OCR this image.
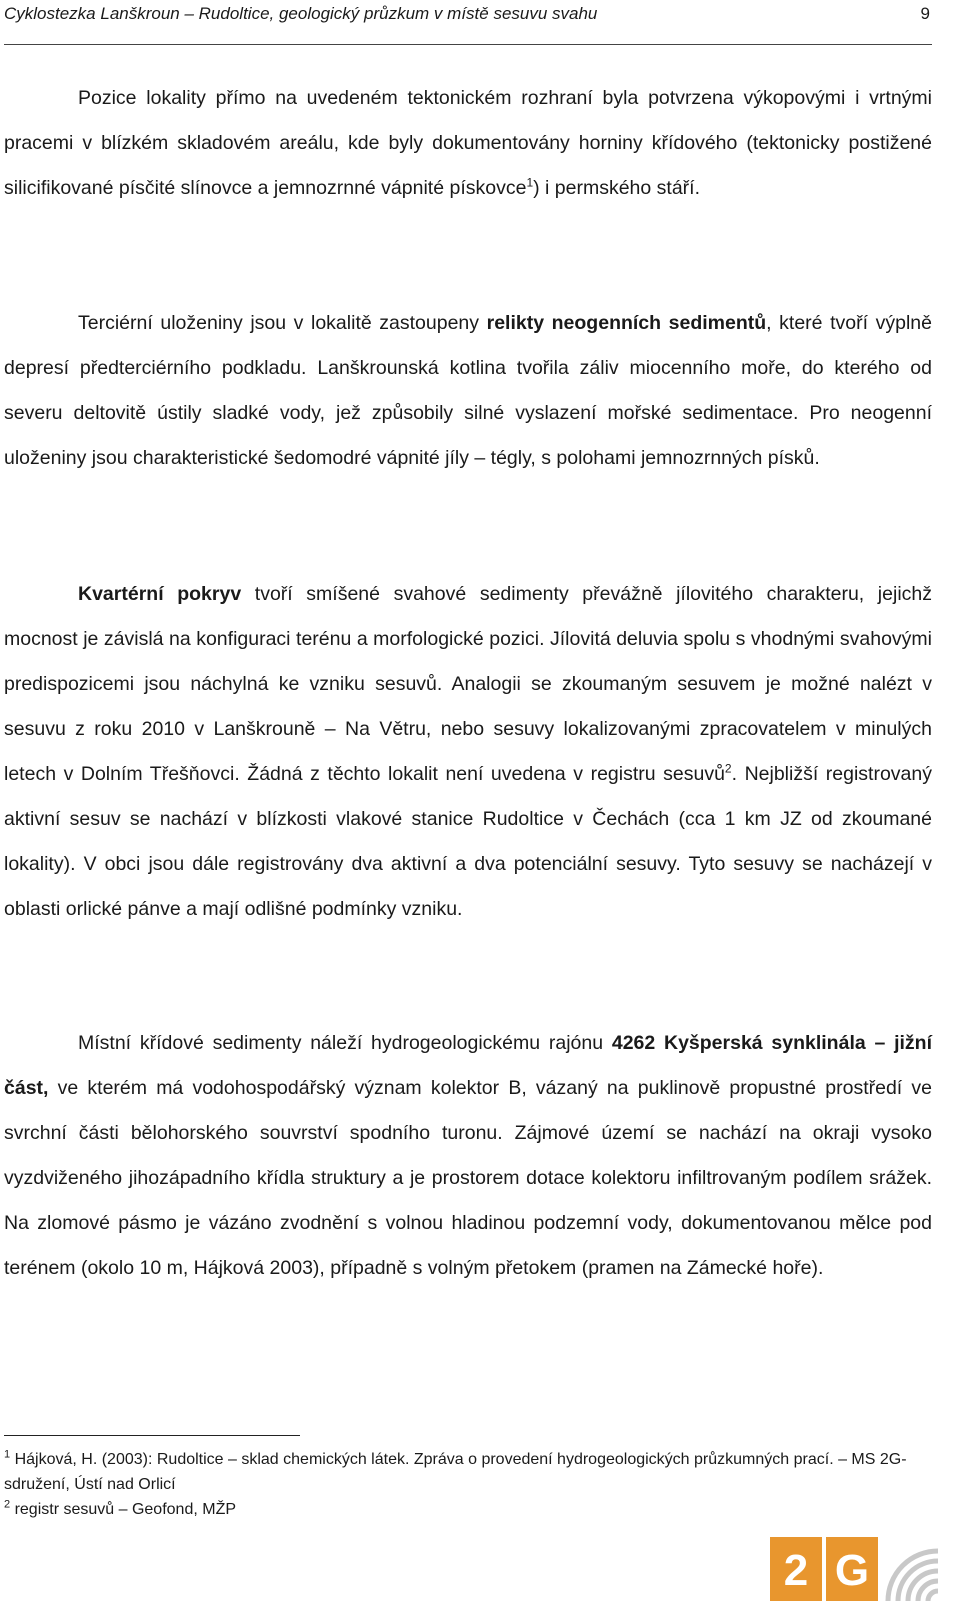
Cyklostezka Lanškroun – Rudoltice, geologický průzkum v místě sesuvu svahu	9

Pozice lokality přímo na uvedeném tektonickém rozhraní byla potvrzena výkopovými i vrtnými pracemi v blízkém skladovém areálu, kde byly dokumentovány horniny křídového (tektonicky postižené silicifikované písčité slínovce a jemnozrnné vápnité pískovce$^1$) i permského stáří.

Terciérní uloženiny jsou v lokalitě zastoupeny relikty neogenních sedimentů, které tvoří výplně depresí předterciérního podkladu. Lanškrounská kotlina tvořila záliv miocenního moře, do kterého od severu deltovitě ústily sladké vody, jež způsobily silné vyslazení mořské sedimentace. Pro neogenní uloženiny jsou charakteristické šedomodré vápnité jíly – tégly, s polohami jemnozrnných písků.

Kvartérní pokryv tvoří smíšené svahové sedimenty převážně jílovitého charakteru, jejichž mocnost je závislá na konfiguraci terénu a morfologické pozici. Jílovitá deluvia spolu s vhodnými svahovými predispozicemi jsou náchylná ke vzniku sesuvů. Analogii se zkoumaným sesuvem je možné nalézt v sesuvu z roku 2010 v Lanškrouně – Na Větru, nebo sesuvy lokalizovanými zpracovatelem v minulých letech v Dolním Třešňovci. Žádná z těchto lokalit není uvedena v registru sesuvů$^2$. Nejbližší registrovaný aktivní sesuv se nachází v blízkosti vlakové stanice Rudoltice v Čechách (cca 1 km JZ od zkoumané lokality). V obci jsou dále registrovány dva aktivní a dva potenciální sesuvy. Tyto sesuvy se nacházejí v oblasti orlické pánve a mají odlišné podmínky vzniku.

Místní křídové sedimenty náleží hydrogeologickému rajónu 4262 Kyšperská synklinála – jižní část, ve kterém má vodohospodářský význam kolektor B, vázaný na puklinově propustné prostředí ve svrchní části bělohorského souvrství spodního turonu. Zájmové území se nachází na okraji vysoko vyzdviženého jihozápadního křídla struktury a je prostorem dotace kolektoru infiltrovaným podílem srážek. Na zlomové pásmo je vázáno zvodnění s volnou hladinou podzemní vody, dokumentovanou mělce pod terénem (okolo 10 m, Hájková 2003), případně s volným přetokem (pramen na Zámecké hoře).

$^1$ Hájková, H. (2003): Rudoltice – sklad chemických látek. Zpráva o provedení hydrogeologických průzkumných prací. – MS 2G-sdružení, Ústí nad Orlicí
$^2$ registr sesuvů – Geofond, MŽP
2 G
